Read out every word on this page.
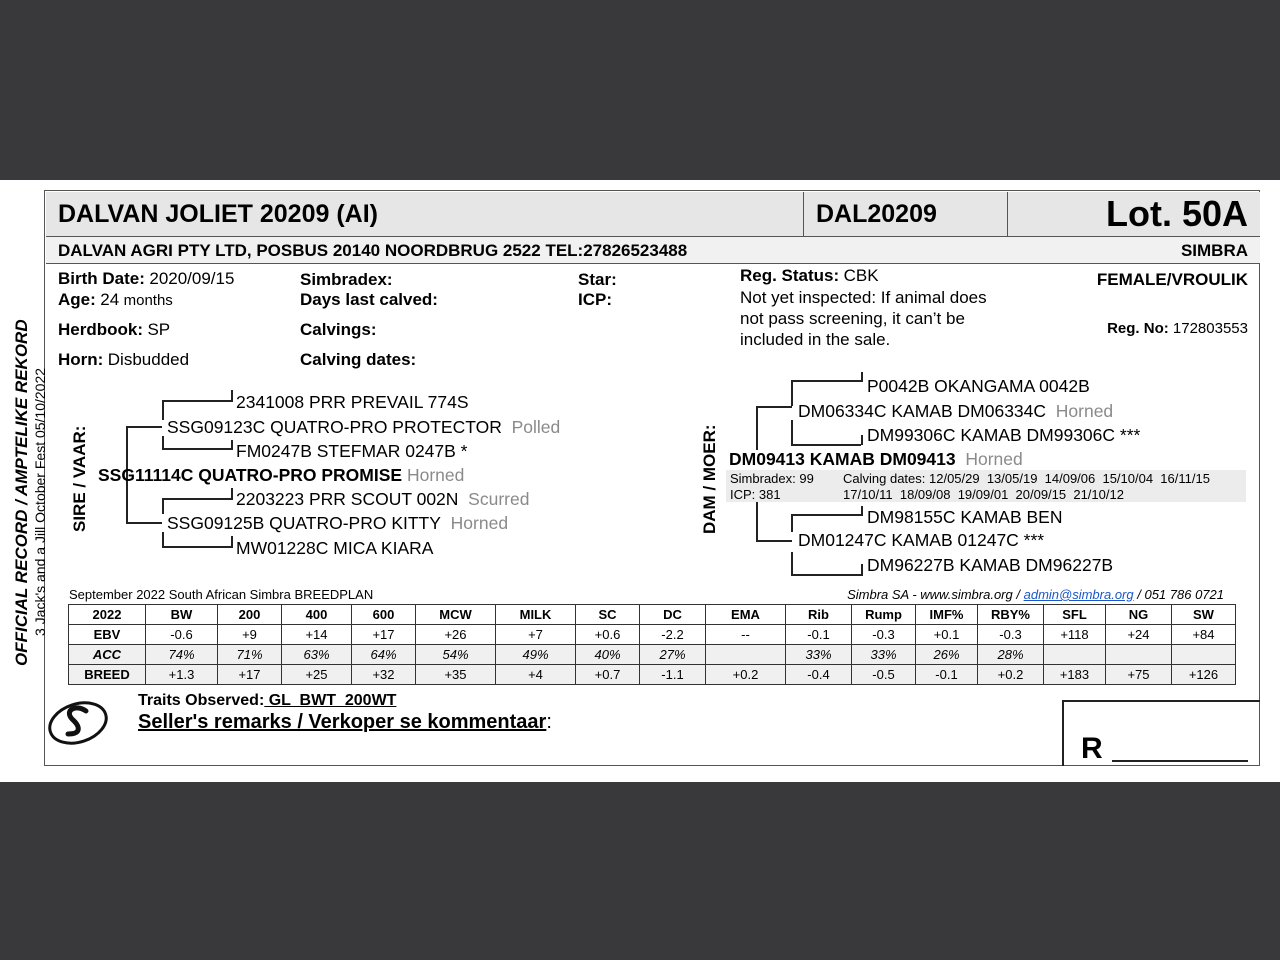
DALVAN JOLIET 20209 (AI)	DAL20209	Lot. 50A
DALVAN AGRI PTY LTD, POSBUS 20140 NOORDBRUG 2522 TEL:27826523488	SIMBRA
Birth Date: 2020/09/15
Age: 24 months
Herdbook: SP
Horn: Disbudded
Simbradex:
Days last calved:
Calvings:
Calving dates:
Star:
ICP:
Reg. Status: CBK
Not yet inspected: If animal does
not pass screening, it can’t be
included in the sale.
FEMALE/VROULIK
Reg. No: 172803553
OFFICIAL RECORD / AMPTELIKE REKORD 3 Jack's and a Jill October Fest 05/10/2022 SIRE / VAAR:
2341008 PRR PREVAIL 774S
SSG09123C QUATRO-PRO PROTECTOR Polled
FM0247B STEFMAR 0247B *
SSG11114C QUATRO-PRO PROMISE Horned
2203223 PRR SCOUT 002N Scurred
SSG09125B QUATRO-PRO KITTY Horned
MW01228C MICA KIARA
DAM / MOER:
P0042B OKANGAMA 0042B
DM06334C KAMAB DM06334C Horned
DM99306C KAMAB DM99306C ***
DM09413 KAMAB DM09413 Horned
Simbradex: 99
ICP: 381
Calving dates: 12/05/29  13/05/19  14/09/06  15/10/04  16/11/15
17/10/11  18/09/08  19/09/01  20/09/15  21/10/12
DM98155C KAMAB BEN
DM01247C KAMAB 01247C ***
DM96227B KAMAB DM96227B
September 2022 South African Simbra BREEDPLAN	Simbra SA - www.simbra.org / admin@simbra.org / 051 786 0721
2022	BW	200	400	600	MCW	MILK	SC	DC	EMA	Rib	Rump	IMF%	RBY%	SFL	NG	SW
EBV	-0.6	+9	+14	+17	+26	+7	+0.6	-2.2	--	-0.1	-0.3	+0.1	-0.3	+118	+24	+84
ACC	74%	71%	63%	64%	54%	49%	40%	27%		33%	33%	26%	28%			
BREED	+1.3	+17	+25	+32	+35	+4	+0.7	-1.1	+0.2	-0.4	-0.5	-0.1	+0.2	+183	+75	+126
Traits Observed: GL  BWT  200WT
Seller's remarks / Verkoper se kommentaar:
R
